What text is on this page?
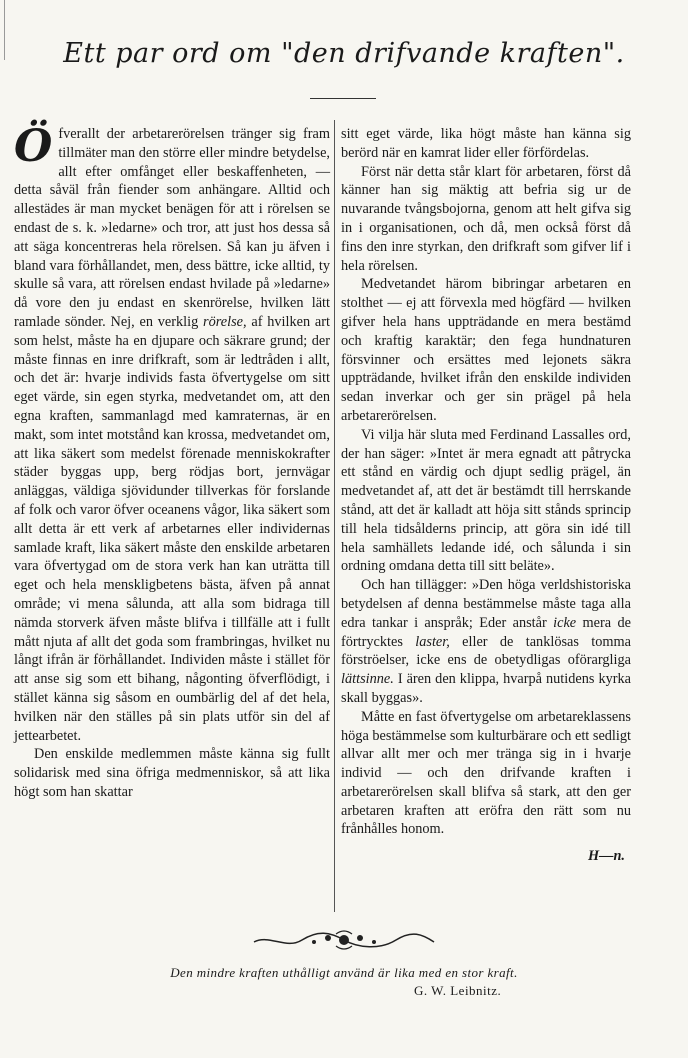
Ett par ord om "den drifvande kraften".

Öfverallt der arbetarerörelsen tränger sig fram tillmäter man den större eller mindre betydelse, allt efter omfånget eller beskaffenheten, — detta såväl från fiender som anhängare. Alltid och allestädes är man mycket benägen för att i rörelsen se endast de s. k. »ledarne» och tror, att just hos dessa så att säga koncentreras hela rörelsen. Så kan ju äfven i bland vara förhållandet, men, dess bättre, icke alltid, ty skulle så vara, att rörelsen endast hvilade på »ledarne» då vore den ju endast en skenrörelse, hvilken lätt ramlade sönder. Nej, en verklig rörelse, af hvilken art som helst, måste ha en djupare och säkrare grund; der måste finnas en inre drifkraft, som är ledtråden i allt, och det är: hvarje individs fasta öfvertygelse om sitt eget värde, sin egen styrka, medvetandet om, att den egna kraften, sammanlagd med kamraternas, är en makt, som intet motstånd kan krossa, medvetandet om, att lika säkert som medelst förenade menniskokrafter städer byggas upp, berg rödjas bort, jernvägar anläggas, väldiga sjövidunder tillverkas för forslande af folk och varor öfver oceanens vågor, lika säkert som allt detta är ett verk af arbetarnes eller individernas samlade kraft, lika säkert måste den enskilde arbetaren vara öfvertygad om de stora verk han kan uträtta till eget och hela menskligbetens bästa, äfven på annat område; vi mena sålunda, att alla som bidraga till nämda storverk äfven måste blifva i tillfälle att i fullt mått njuta af allt det goda som frambringas, hvilket nu långt ifrån är förhållandet. Individen måste i stället för att anse sig som ett bihang, någonting öfverflödigt, i stället känna sig såsom en oumbärlig del af det hela, hvilken när den ställes på sin plats utför sin del af jettearbetet.

Den enskilde medlemmen måste känna sig fullt solidarisk med sina öfriga medmenniskor, så att lika högt som han skattar

sitt eget värde, lika högt måste han känna sig berörd när en kamrat lider eller förfördelas.

Först när detta står klart för arbetaren, först då känner han sig mäktig att befria sig ur de nuvarande tvångsbojorna, genom att helt gifva sig in i organisationen, och då, men också först då fins den inre styrkan, den drifkraft som gifver lif i hela rörelsen.

Medvetandet härom bibringar arbetaren en stolthet — ej att förvexla med högfärd — hvilken gifver hela hans uppträdande en mera bestämd och kraftig karaktär; den fega hundnaturen försvinner och ersättes med lejonets säkra uppträdande, hvilket ifrån den enskilde individen sedan inverkar och ger sin prägel på hela arbetarerörelsen.

Vi vilja här sluta med Ferdinand Lassalles ord, der han säger: »Intet är mera egnadt att påtrycka ett stånd en värdig och djupt sedlig prägel, än medvetandet af, att det är bestämdt till herrskande stånd, att det är kalladt att höja sitt stånds sprincip till hela tidsålderns princip, att göra sin idé till hela samhällets ledande idé, och sålunda i sin ordning omdana detta till sitt beläte».

Och han tillägger: »Den höga verldshistoriska betydelsen af denna bestämmelse måste taga alla edra tankar i anspråk; Eder anstår icke mera de förtrycktes laster, eller de tanklösas tomma förströelser, icke ens de obetydligas oförargliga lättsinne. I ären den klippa, hvarpå nutidens kyrka skall byggas».

Måtte en fast öfvertygelse om arbetareklassens höga bestämmelse som kulturbärare och ett sedligt allvar allt mer och mer tränga sig in i hvarje individ — och den drifvande kraften i arbetarerörelsen skall blifva så stark, att den ger arbetaren kraften att eröfra den rätt som nu frånhålles honom.

H—n.
Den mindre kraften uthålligt använd är lika med en stor kraft.
G. W. Leibnitz.
